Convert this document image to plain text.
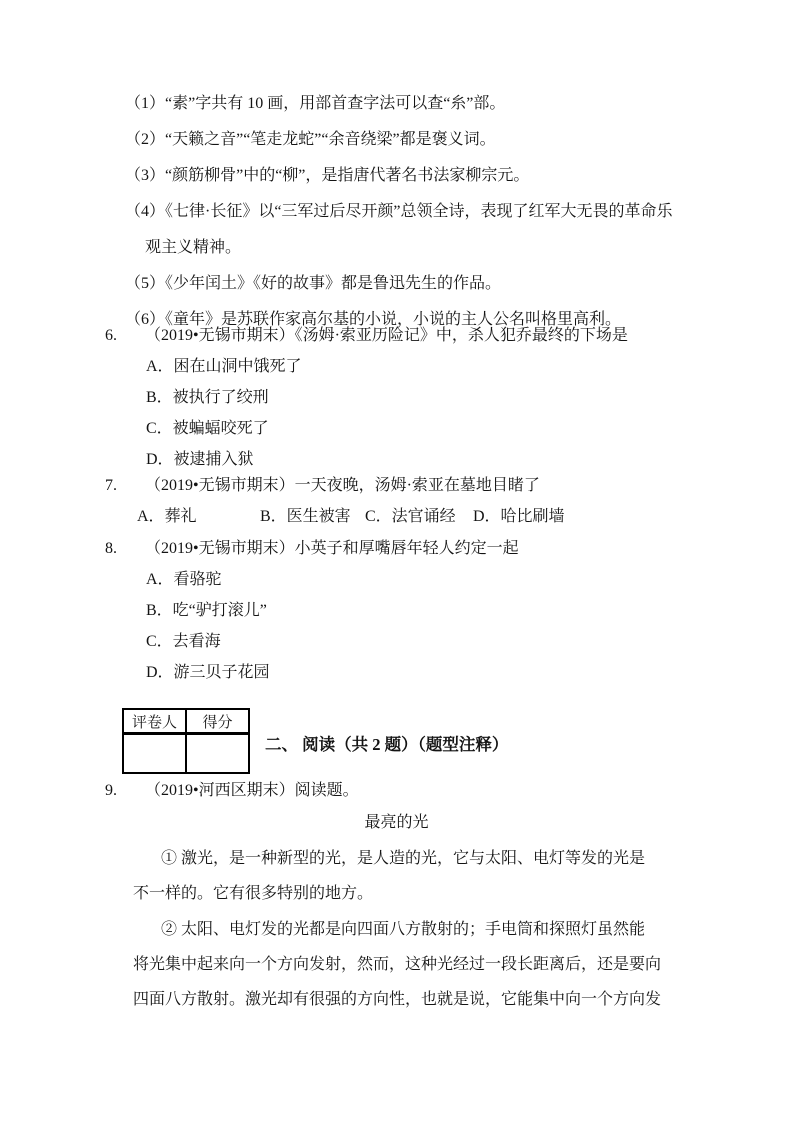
（1）“素”字共有 10 画，用部首查字法可以查“糸”部。
（2）“天籁之音”“笔走龙蛇”“余音绕梁”都是褒义词。
（3）“颜筋柳骨”中的“柳”，是指唐代著名书法家柳宗元。
（4）《七律·长征》以“三军过后尽开颜”总领全诗，表现了红军大无畏的革命乐
观主义精神。
（5）《少年闰土》《好的故事》都是鲁迅先生的作品。
（6）《童年》是苏联作家高尔基的小说，小说的主人公名叫格里高利。
6. （2019•无锡市期末）《汤姆·索亚历险记》中，杀人犯乔最终的下场是
A．困在山洞中饿死了
B．被执行了绞刑
C．被蝙蝠咬死了
D．被逮捕入狱
7. （2019•无锡市期末）一天夜晚，汤姆·索亚在墓地目睹了
A．葬礼	B．医生被害 C．法官诵经 D．哈比刷墙
8. （2019•无锡市期末）小英子和厚嘴唇年轻人约定一起
A．看骆驼
B．吃“驴打滚儿”
C．去看海
D．游三贝子花园
评卷人	得分

二、 阅读（共 2 题）（题型注释）
9. （2019•河西区期末）阅读题。
最亮的光
① 激光，是一种新型的光，是人造的光，它与太阳、电灯等发的光是
不一样的。它有很多特别的地方。
② 太阳、电灯发的光都是向四面八方散射的；手电筒和探照灯虽然能
将光集中起来向一个方向发射，然而，这种光经过一段长距离后，还是要向
四面八方散射。激光却有很强的方向性，也就是说，它能集中向一个方向发
